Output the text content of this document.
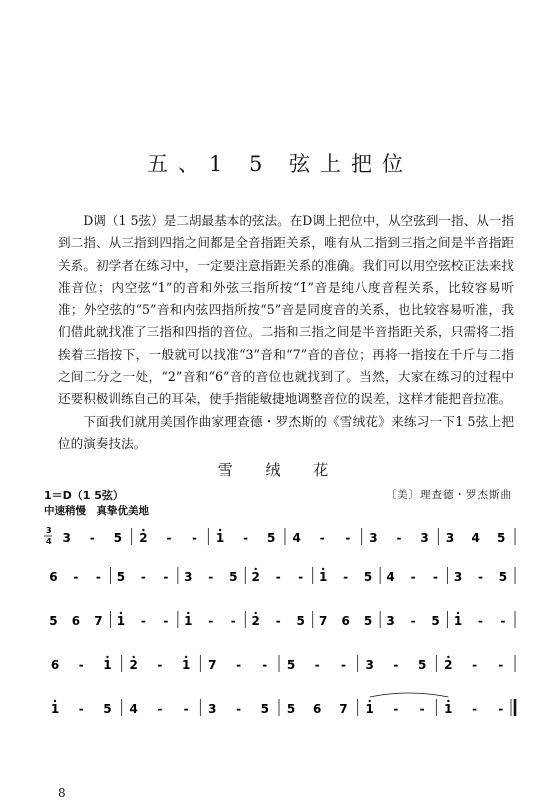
五、1 5 弦上把位

D调（1 5弦）是二胡最基本的弦法。在D调上把位中，从空弦到一指、从一指到二指、从三指到四指之间都是全音指距关系，唯有从二指到三指之间是半音指距关系。初学者在练习中，一定要注意指距关系的准确。我们可以用空弦校正法来找准音位；内空弦“1”的音和外弦三指所按“1̇”音是纯八度音程关系，比较容易听准；外空弦的“5”音和内弦四指所按“5”音是同度音的关系，也比较容易听准，我们借此就找准了三指和四指的音位。二指和三指之间是半音指距关系，只需将二指挨着三指按下，一般就可以找准“3”音和“7”音的音位；再将一指按在千斤与二指之间二分之一处，“2”音和“6”音的音位也就找到了。当然，大家在练习的过程中还要积极训练自己的耳朵，使手指能敏捷地调整音位的误差，这样才能把音拉准。

下面我们就用美国作曲家理查德・罗杰斯的《雪绒花》来练习一下1 5弦上把位的演奏技法。

雪 绒 花
1＝D（1 5弦）	〔美〕理查德・罗杰斯曲
中速稍慢　真挚优美地
3
4 3 - 5 2 - - 1 - 5 4 - - 3 - 3 3 4 5
6 - - 5 - - 3 - 5 2 - - 1 - 5 4 - - 3 - 5
5 6 7 1 - - 1 - - 2 - 5 7 6 5 3 - 5 1 - -
6 - 1 2 - 1 7 - - 5 - - 3 - 5 2 - -
1 - 5 4 - - 3 - 5 5 6 7 1 - - 1 - -
8
